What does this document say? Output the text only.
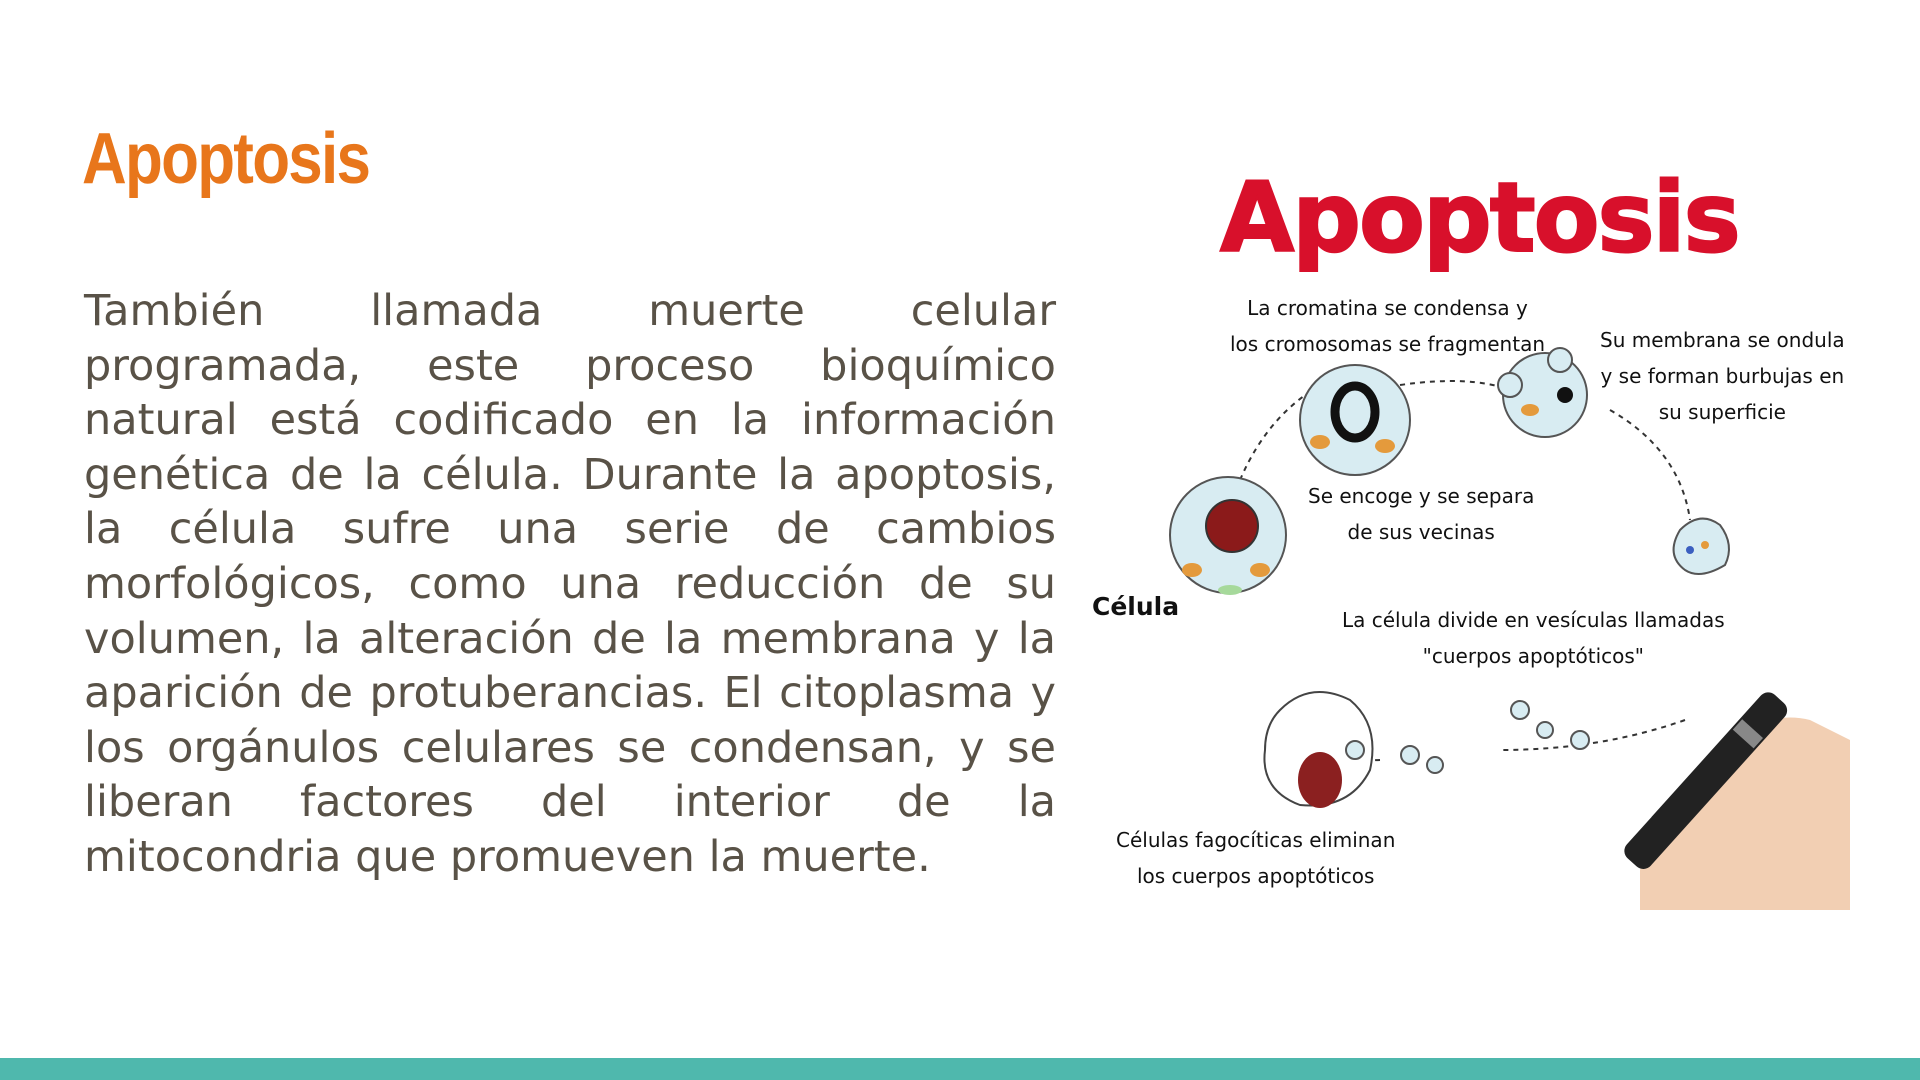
Apoptosis

También llamada muerte celular programada, este proceso bioquímico natural está codificado en la información genética de la célula. Durante la apoptosis, la célula sufre una serie de cambios morfológicos, como una reducción de su volumen, la alteración de la membrana y la aparición de protuberancias. El citoplasma y los orgánulos celulares se condensan, y se liberan factores del interior de la mitocondria que promueven la muerte.

Apoptosis
La cromatina se condensa y
los cromosomas se fragmentan	Su membrana se ondula
y se forman burbujas en
su superficie
Se encoge y se separa
de sus vecinas
Célula	La célula divide en vesículas llamadas
"cuerpos apoptóticos"
Células fagocíticas eliminan
los cuerpos apoptóticos
